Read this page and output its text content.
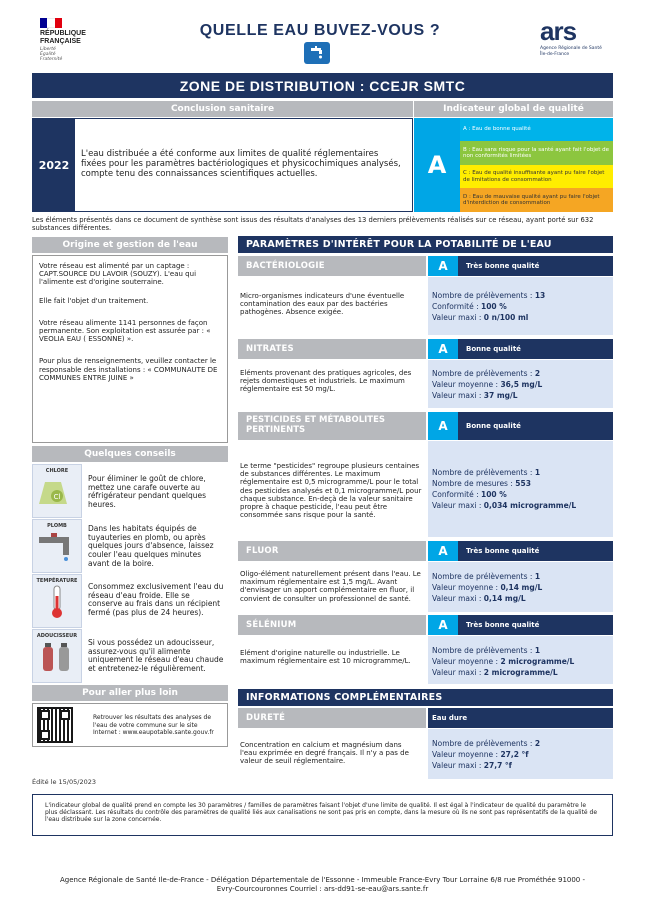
RÉPUBLIQUE
FRANÇAISE
Liberté
Égalité
Fraternité
QUELLE EAU BUVEZ-VOUS ?	ars
Agence Régionale de Santé
Île-de-France
ZONE DE DISTRIBUTION : CCEJR SMTC
Conclusion sanitaire
2022
L'eau distribuée a été conforme aux limites de qualité réglementaires fixées pour les paramètres bactériologiques et physicochimiques analysés, compte tenu des connaissances scientifiques actuelles.
Indicateur global de qualité
A
A : Eau de bonne qualité
B : Eau sans risque pour la santé ayant fait l'objet de non conformités limitées
C : Eau de qualité insuffisante ayant pu faire l'objet de limitations de consommation
D : Eau de mauvaise qualité ayant pu faire l'objet d'interdiction de consommation
Les éléments présentés dans ce document de synthèse sont issus des résultats d'analyses des 13 derniers prélèvements réalisés sur ce réseau, ayant porté sur 632 substances différentes.
Origine et gestion de l'eau
Votre réseau est alimenté par un captage : CAPT.SOURCE DU LAVOIR (SOUZY). L'eau qui l'alimente est d'origine souterraine.
Elle fait l'objet d'un traitement.
Votre réseau alimente 1141 personnes de façon permanente. Son exploitation est assurée par : « VEOLIA EAU ( ESSONNE) ».
Pour plus de renseignements, veuillez contacter le responsable des installations : « COMMUNAUTE DE COMMUNES ENTRE JUINE »
Quelques conseils
CHLORE
Cl
Pour éliminer le goût de chlore, mettez une carafe ouverte au réfrigérateur pendant quelques heures.
PLOMB	Dans les habitats équipés de tuyauteries en plomb, ou après quelques jours d'absence, laissez couler l'eau quelques minutes avant de la boire.
TEMPÉRATURE
Consommez exclusivement l'eau du réseau d'eau froide. Elle se conserve au frais dans un récipient fermé (pas plus de 24 heures).
ADOUCISSEUR
Si vous possédez un adoucisseur, assurez-vous qu'il alimente uniquement le réseau d'eau chaude et entretenez-le régulièrement.
Pour aller plus loin
Retrouver les résultats des analyses de l'eau de votre commune sur le site Internet : www.eaupotable.sante.gouv.fr
Édité le 15/05/2023
PARAMÈTRES D'INTÉRÊT POUR LA POTABILITÉ DE L'EAU
BACTÉRIOLOGIE	A	Très bonne qualité
Micro-organismes indicateurs d'une éventuelle contamination des eaux par des bactéries pathogènes. Absence exigée.
Nombre de prélèvements : 13
Conformité : 100 %
Valeur maxi : 0 n/100 ml
NITRATES	A	Bonne qualité
Eléments provenant des pratiques agricoles, des rejets domestiques et industriels. Le maximum réglementaire est 50 mg/L.
Nombre de prélèvements : 2
Valeur moyenne : 36,5 mg/L
Valeur maxi : 37 mg/L
PESTICIDES ET MÉTABOLITES PERTINENTS	A	Bonne qualité
Le terme "pesticides" regroupe plusieurs centaines de substances différentes. Le maximum réglementaire est 0,5 microgramme/L pour le total des pesticides analysés et 0,1 microgramme/L pour chaque substance. En-deçà de la valeur sanitaire propre à chaque pesticide, l'eau peut être consommée sans risque pour la santé.
Nombre de prélèvements : 1
Nombre de mesures : 553
Conformité : 100 %
Valeur maxi : 0,034 microgramme/L
FLUOR	A	Très bonne qualité
Oligo-élément naturellement présent dans l'eau. Le maximum réglementaire est 1,5 mg/L. Avant d'envisager un apport complémentaire en fluor, il convient de consulter un professionnel de santé.
Nombre de prélèvements : 1
Valeur moyenne : 0,14 mg/L
Valeur maxi : 0,14 mg/L
SÉLÉNIUM	A	Très bonne qualité
Elément d'origine naturelle ou industrielle. Le maximum réglementaire est 10 microgramme/L.
Nombre de prélèvements : 1
Valeur moyenne : 2 microgramme/L
Valeur maxi : 2 microgramme/L
INFORMATIONS COMPLÉMENTAIRES
DURETÉ	Eau dure
Concentration en calcium et magnésium dans l'eau exprimée en degré français. Il n'y a pas de valeur de seuil réglementaire.
Nombre de prélèvements : 2
Valeur moyenne : 27,2 °f
Valeur maxi : 27,7 °f
L'indicateur global de qualité prend en compte les 30 paramètres / familles de paramètres faisant l'objet d'une limite de qualité. Il est égal à l'indicateur de qualité du paramètre le plus déclassant. Les résultats du contrôle des paramètres de qualité liés aux canalisations ne sont pas pris en compte, dans la mesure où ils ne sont pas représentatifs de la qualité de l'eau distribuée sur la zone concernée.
Agence Régionale de Santé Ile-de-France - Délégation Départementale de l'Essonne - Immeuble France-Evry Tour Lorraine 6/8 rue Prométhée 91000 - Evry-Courcouronnes Courriel : ars-dd91-se-eau@ars.sante.fr
